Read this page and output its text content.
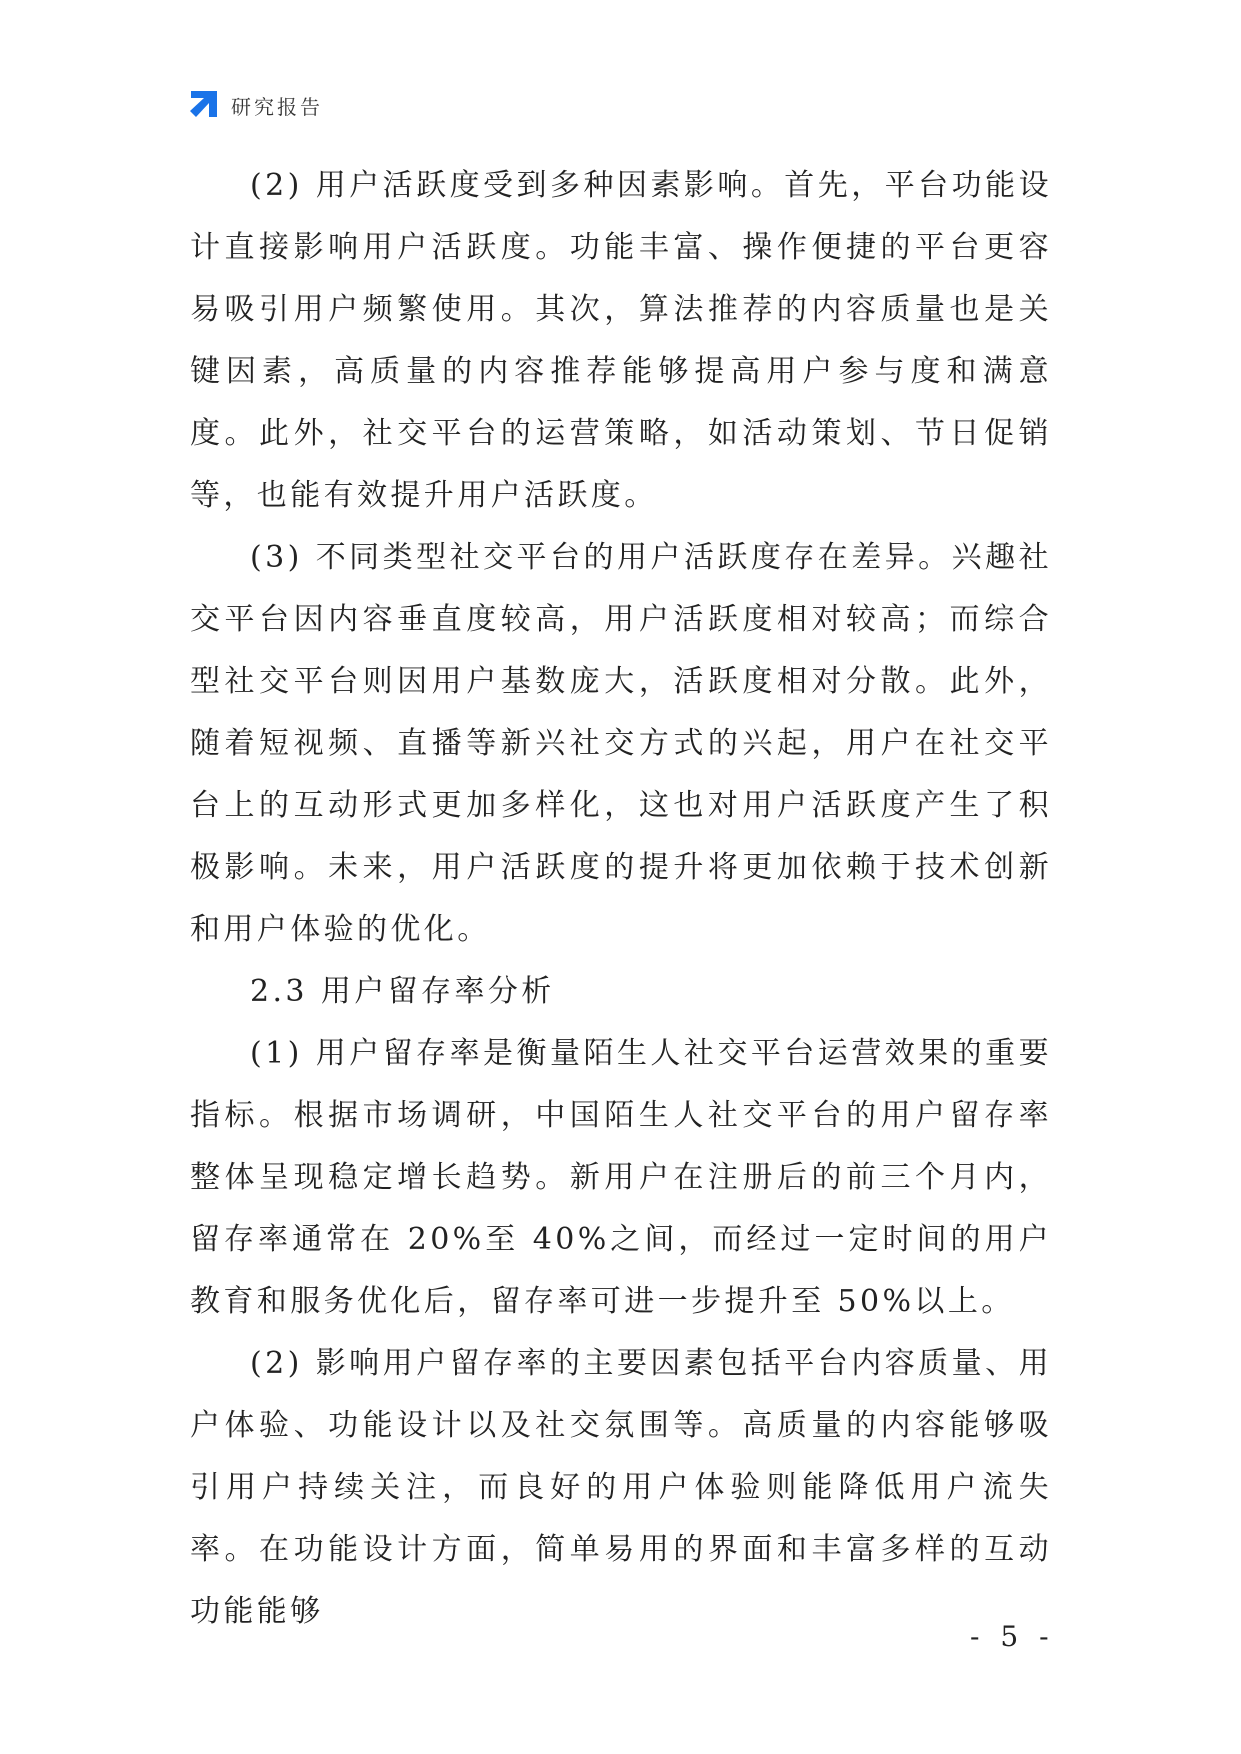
研究报告

(2) 用户活跃度受到多种因素影响。首先，平台功能设计直接影响用户活跃度。功能丰富、操作便捷的平台更容易吸引用户频繁使用。其次，算法推荐的内容质量也是关键因素，高质量的内容推荐能够提高用户参与度和满意度。此外，社交平台的运营策略，如活动策划、节日促销等，也能有效提升用户活跃度。

(3) 不同类型社交平台的用户活跃度存在差异。兴趣社交平台因内容垂直度较高，用户活跃度相对较高；而综合型社交平台则因用户基数庞大，活跃度相对分散。此外，随着短视频、直播等新兴社交方式的兴起，用户在社交平台上的互动形式更加多样化，这也对用户活跃度产生了积极影响。未来，用户活跃度的提升将更加依赖于技术创新和用户体验的优化。

2.3 用户留存率分析

(1) 用户留存率是衡量陌生人社交平台运营效果的重要指标。根据市场调研，中国陌生人社交平台的用户留存率整体呈现稳定增长趋势。新用户在注册后的前三个月内，留存率通常在 20%至 40%之间，而经过一定时间的用户教育和服务优化后，留存率可进一步提升至 50%以上。

(2) 影响用户留存率的主要因素包括平台内容质量、用户体验、功能设计以及社交氛围等。高质量的内容能够吸引用户持续关注，而良好的用户体验则能降低用户流失率。在功能设计方面，简单易用的界面和丰富多样的互动功能能够

- 5 -
